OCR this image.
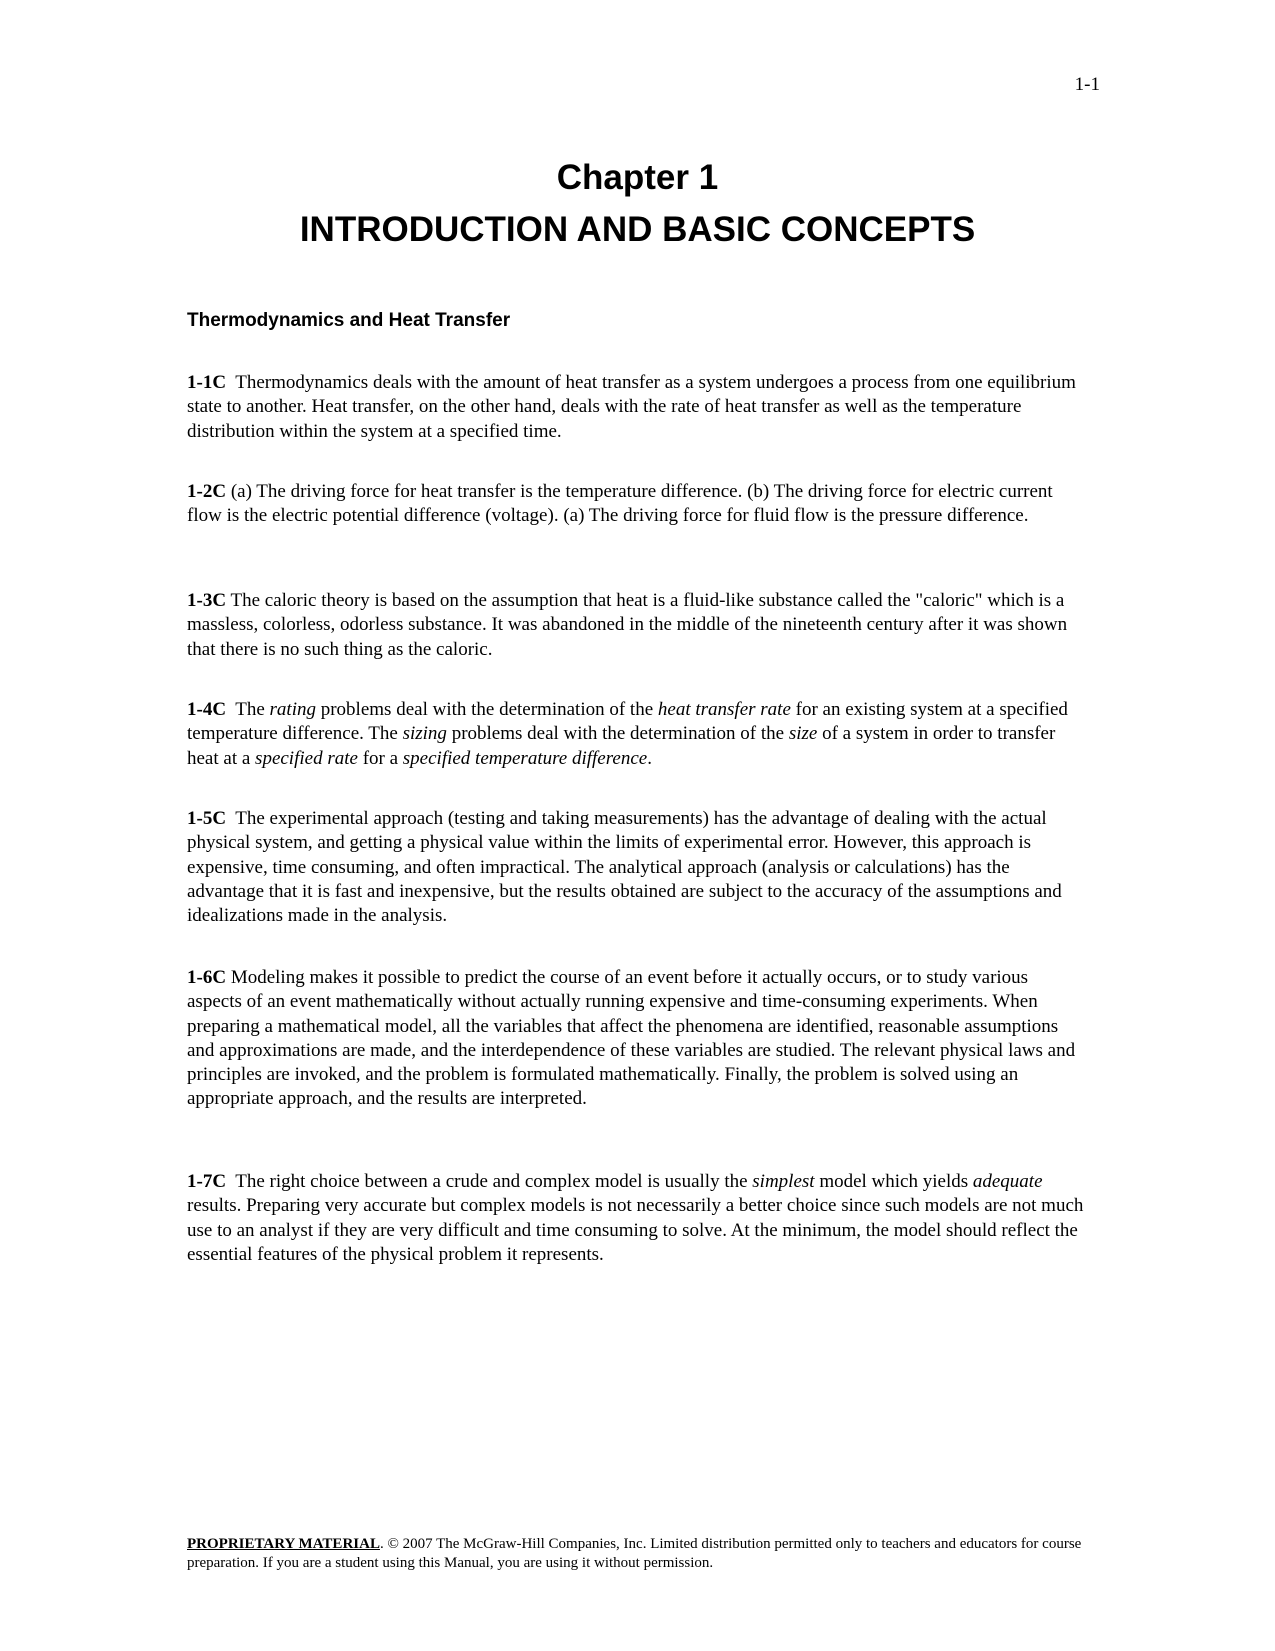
1-1
Chapter 1
INTRODUCTION AND BASIC CONCEPTS
Thermodynamics and Heat Transfer
1-1C Thermodynamics deals with the amount of heat transfer as a system undergoes a process from one equilibrium state to another. Heat transfer, on the other hand, deals with the rate of heat transfer as well as the temperature distribution within the system at a specified time.
1-2C (a) The driving force for heat transfer is the temperature difference. (b) The driving force for electric current flow is the electric potential difference (voltage). (a) The driving force for fluid flow is the pressure difference.
1-3C The caloric theory is based on the assumption that heat is a fluid-like substance called the "caloric" which is a massless, colorless, odorless substance. It was abandoned in the middle of the nineteenth century after it was shown that there is no such thing as the caloric.
1-4C The rating problems deal with the determination of the heat transfer rate for an existing system at a specified temperature difference. The sizing problems deal with the determination of the size of a system in order to transfer heat at a specified rate for a specified temperature difference.
1-5C The experimental approach (testing and taking measurements) has the advantage of dealing with the actual physical system, and getting a physical value within the limits of experimental error. However, this approach is expensive, time consuming, and often impractical. The analytical approach (analysis or calculations) has the advantage that it is fast and inexpensive, but the results obtained are subject to the accuracy of the assumptions and idealizations made in the analysis.
1-6C Modeling makes it possible to predict the course of an event before it actually occurs, or to study various aspects of an event mathematically without actually running expensive and time-consuming experiments. When preparing a mathematical model, all the variables that affect the phenomena are identified, reasonable assumptions and approximations are made, and the interdependence of these variables are studied. The relevant physical laws and principles are invoked, and the problem is formulated mathematically. Finally, the problem is solved using an appropriate approach, and the results are interpreted.
1-7C The right choice between a crude and complex model is usually the simplest model which yields adequate results. Preparing very accurate but complex models is not necessarily a better choice since such models are not much use to an analyst if they are very difficult and time consuming to solve. At the minimum, the model should reflect the essential features of the physical problem it represents.
PROPRIETARY MATERIAL. © 2007 The McGraw-Hill Companies, Inc. Limited distribution permitted only to teachers and educators for course preparation. If you are a student using this Manual, you are using it without permission.
